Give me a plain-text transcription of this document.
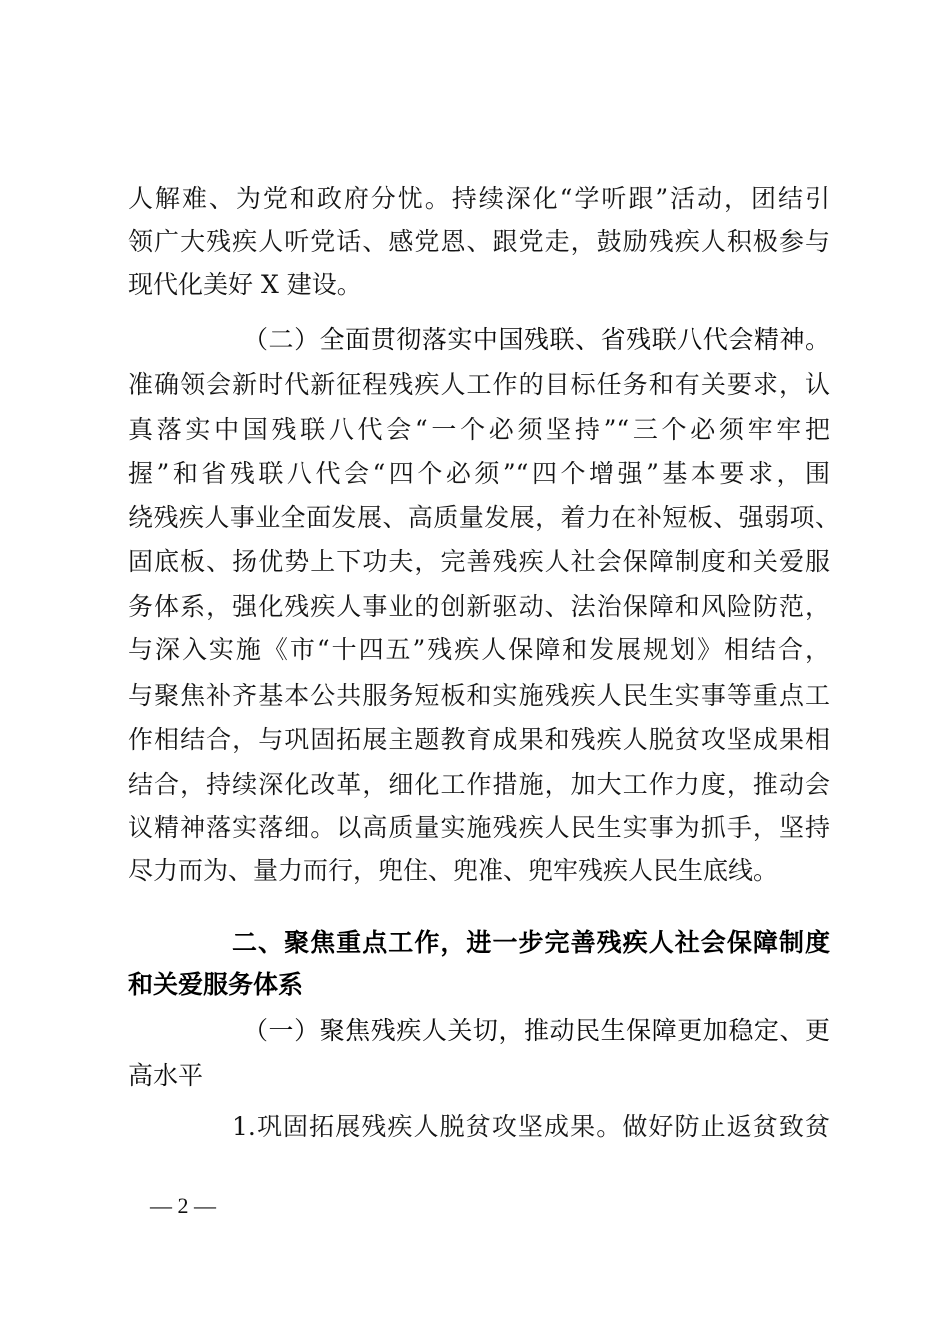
人解难、为党和政府分忧。持续深化“学听跟”活动，团结引
领广大残疾人听党话、感党恩、跟党走，鼓励残疾人积极参与
现代化美好 X 建设。
（二）全面贯彻落实中国残联、省残联八代会精神。
准确领会新时代新征程残疾人工作的目标任务和有关要求，认
真落实中国残联八代会“一个必须坚持”“三个必须牢牢把
握”和省残联八代会“四个必须”“四个增强”基本要求，围
绕残疾人事业全面发展、高质量发展，着力在补短板、强弱项、
固底板、扬优势上下功夫，完善残疾人社会保障制度和关爱服
务体系，强化残疾人事业的创新驱动、法治保障和风险防范，
与深入实施《市“十四五”残疾人保障和发展规划》相结合，
与聚焦补齐基本公共服务短板和实施残疾人民生实事等重点工
作相结合，与巩固拓展主题教育成果和残疾人脱贫攻坚成果相
结合，持续深化改革，细化工作措施，加大工作力度，推动会
议精神落实落细。以高质量实施残疾人民生实事为抓手，坚持
尽力而为、量力而行，兜住、兜准、兜牢残疾人民生底线。
二、聚焦重点工作，进一步完善残疾人社会保障制度
和关爱服务体系
（一）聚焦残疾人关切，推动民生保障更加稳定、更
高水平
1.巩固拓展残疾人脱贫攻坚成果。做好防止返贫致贫
— 2 —
